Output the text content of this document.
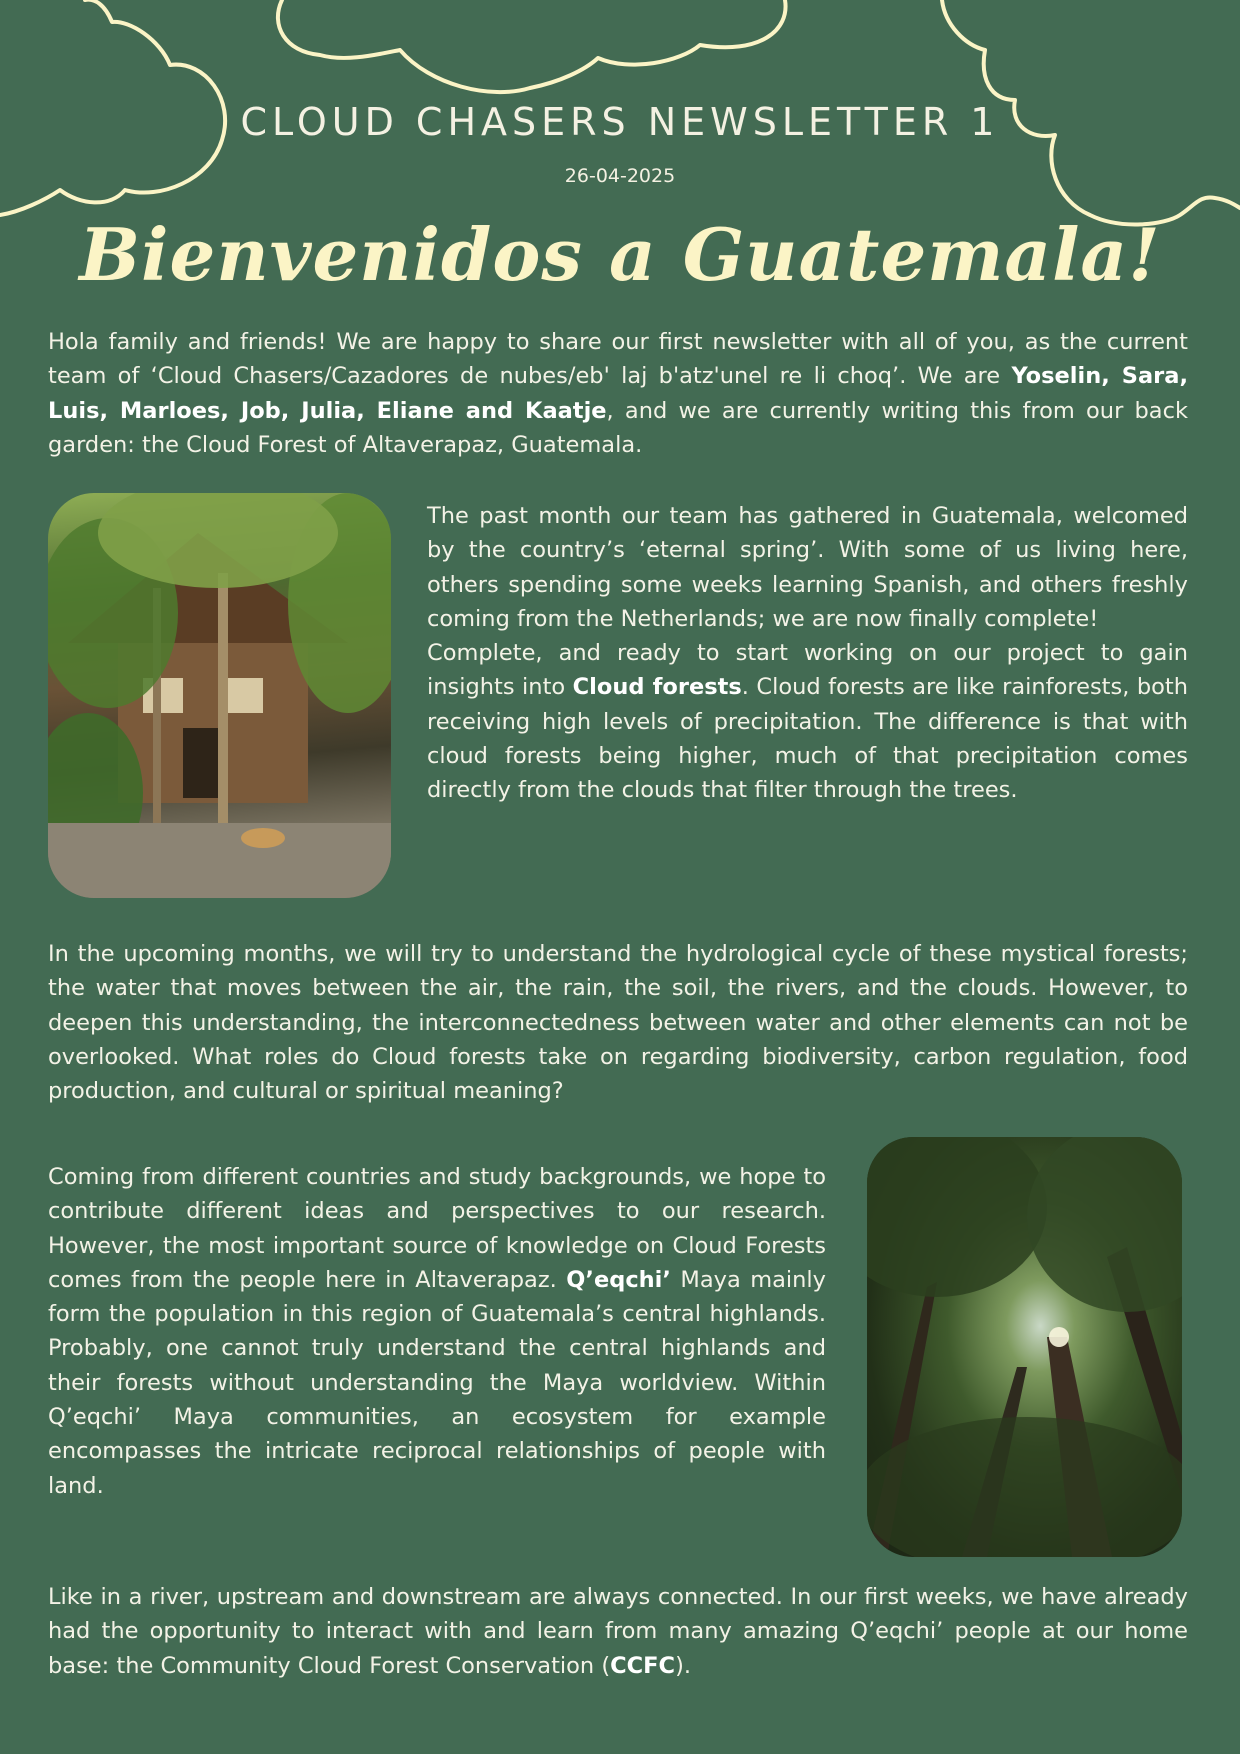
CLOUD CHASERS NEWSLETTER 1
26-04-2025
Bienvenidos a Guatemala!

Hola family and friends! We are happy to share our first newsletter with all of you, as the current team of ‘Cloud Chasers/Cazadores de nubes/eb' laj b'atz'unel re li choq’. We are Yoselin, Sara, Luis, Marloes, Job, Julia, Eliane and Kaatje, and we are currently writing this from our back garden: the Cloud Forest of Altaverapaz, Guatemala.

The past month our team has gathered in Guatemala, welcomed by the country’s ‘eternal spring’. With some of us living here, others spending some weeks learning Spanish, and others freshly coming from the Netherlands; we are now finally complete!
Complete, and ready to start working on our project to gain insights into Cloud forests. Cloud forests are like rainforests, both receiving high levels of precipitation. The difference is that with cloud forests being higher, much of that precipitation comes directly from the clouds that filter through the trees.

In the upcoming months, we will try to understand the hydrological cycle of these mystical forests; the water that moves between the air, the rain, the soil, the rivers, and the clouds. However, to deepen this understanding, the interconnectedness between water and other elements can not be overlooked. What roles do Cloud forests take on regarding biodiversity, carbon regulation, food production, and cultural or spiritual meaning?

Coming from different countries and study backgrounds, we hope to contribute different ideas and perspectives to our research. However, the most important source of knowledge on Cloud Forests comes from the people here in Altaverapaz. Q’eqchi’ Maya mainly form the population in this region of Guatemala’s central highlands. Probably, one cannot truly understand the central highlands and their forests without understanding the Maya worldview. Within Q’eqchi’ Maya communities, an ecosystem for example encompasses the intricate reciprocal relationships of people with land.

Like in a river, upstream and downstream are always connected. In our first weeks, we have already had the opportunity to interact with and learn from many amazing Q’eqchi’ people at our home base: the Community Cloud Forest Conservation (CCFC).
